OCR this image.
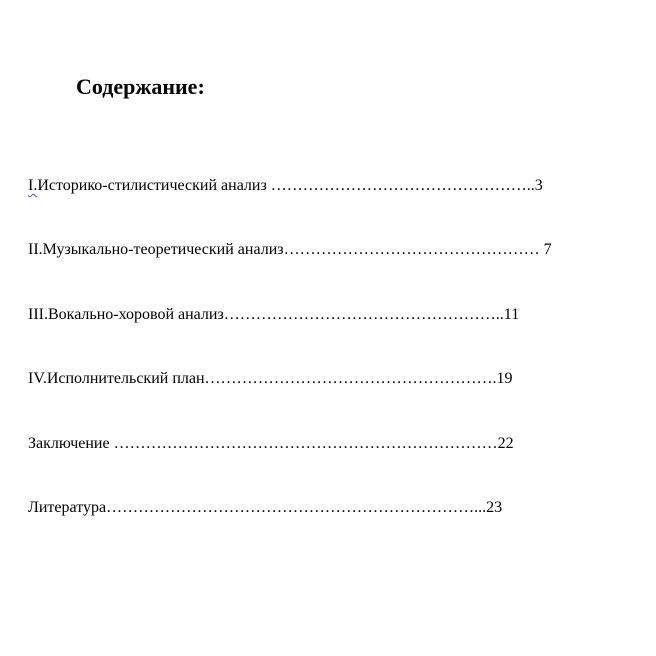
Содержание:
I.Историко-стилистический анализ …………………………………………..3
II.Музыкально-теоретический анализ………………………………………… 7
III.Вокально-хоровой анализ……………………………………………..11
IV.Исполнительский план……………………………………………….19
Заключение ………………………………………………………………22
Литература……………………………………………………………...23
